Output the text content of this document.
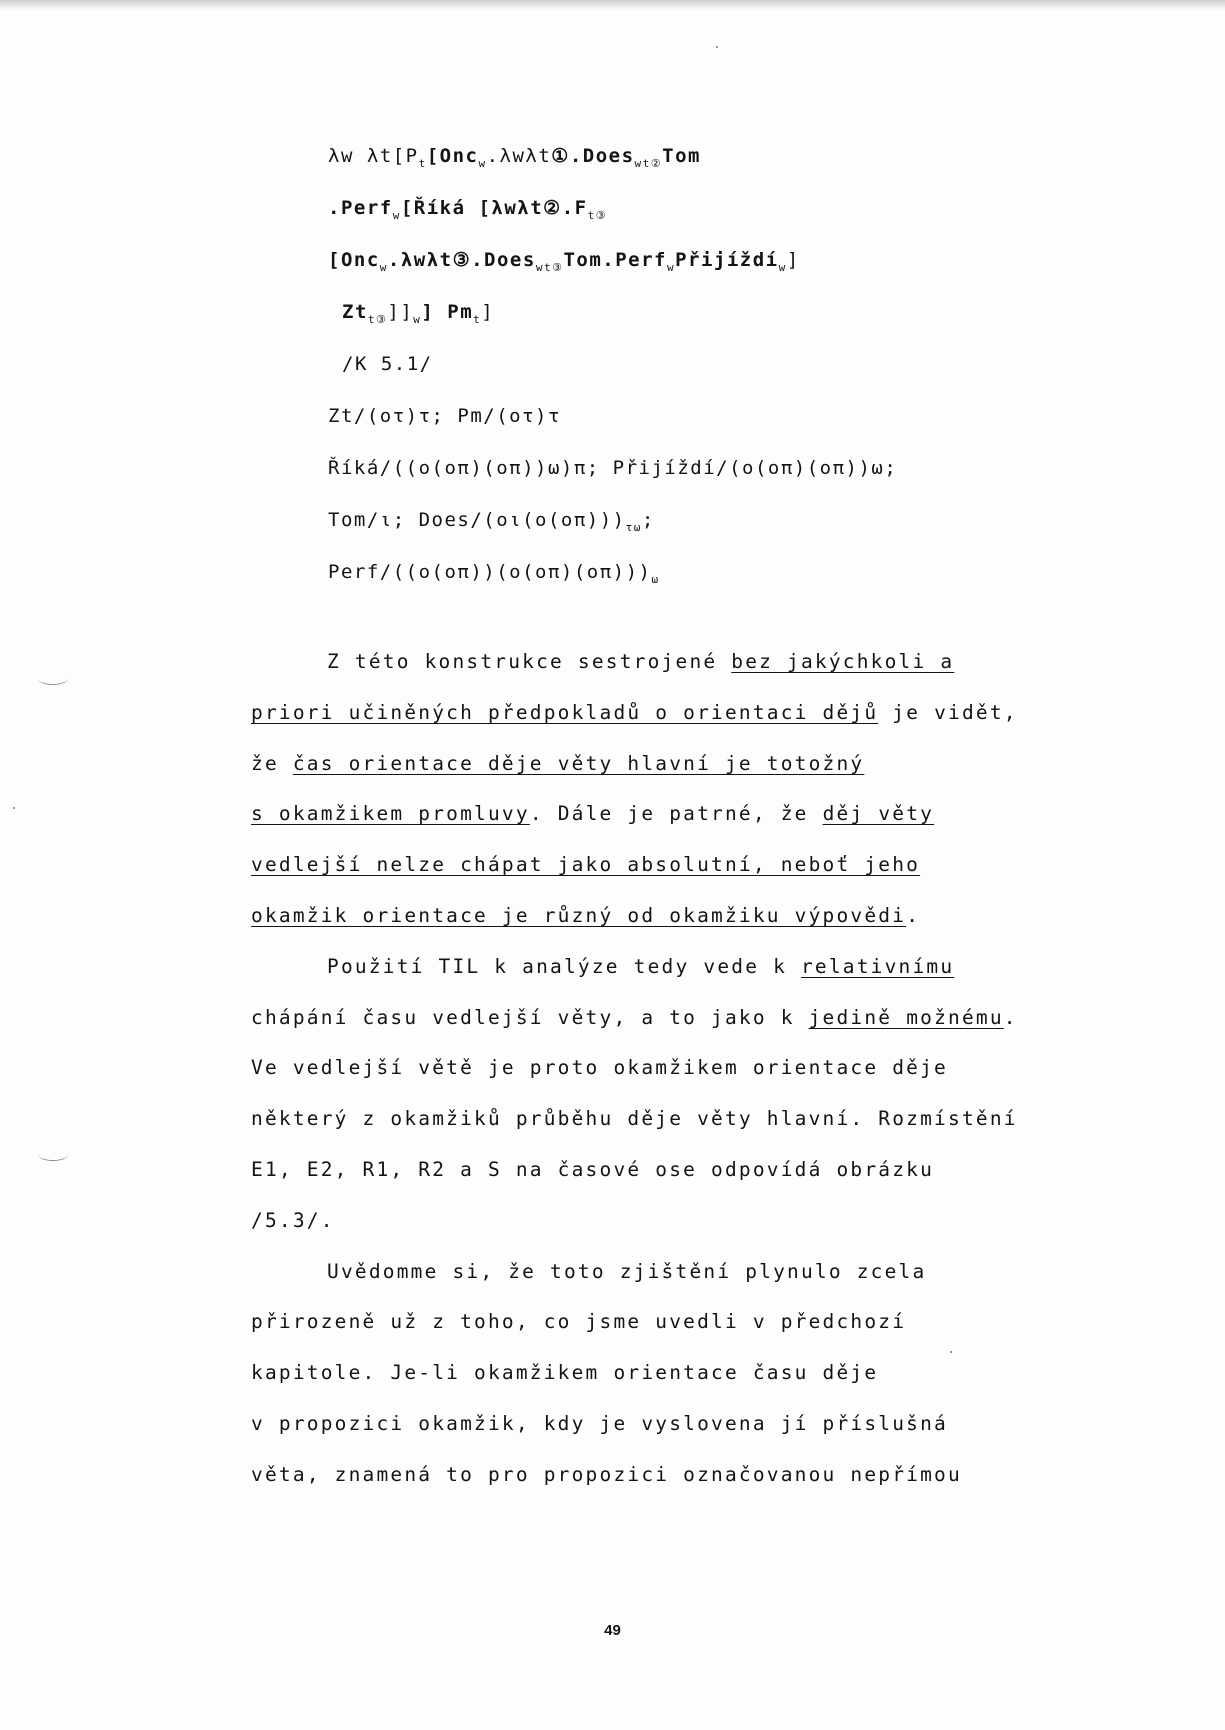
λw $\lambda t[P_t[Onc_w.\lambda w\lambda t①.Does_{wt②}Tom$
.Perf$_w$[Říká [$\lambda w\lambda t②.F_{t③}$
[Onc$_w$.λwλt③.Does$_{wt③}$Tom.Perf$_w$Přijíždí$_w$]
$Zt_{t③}]]_w$] $Pm_t$]
/K 5.1/
Zt/(οτ)τ; Pm/(οτ)τ
Říká/((ο(οπ)(οπ))ω)π; Přijíždí/(ο(οπ)(οπ))ω;
Tom/ι; Does/$(o\iota(o(o\pi)))_{\tau\omega}$;
Perf/$((o(o\pi))(o(o\pi)(o\pi)))_\omega$
Z této konstrukce sestrojené bez jakýchkoli a
priori učiněných předpokladů o orientaci dějů je vidět,
že čas orientace děje věty hlavní je totožný
s okamžikem promluvy. Dále je patrné, že děj věty
vedlejší nelze chápat jako absolutní, neboť jeho
okamžik orientace je různý od okamžiku výpovědi.
Použití TIL k analýze tedy vede k relativnímu
chápání času vedlejší věty, a to jako k jedině možnému.
Ve vedlejší větě je proto okamžikem orientace děje
některý z okamžiků průběhu děje věty hlavní. Rozmístění
E1, E2, R1, R2 a S na časové ose odpovídá obrázku
/5.3/.
Uvědomme si, že toto zjištění plynulo zcela
přirozeně už z toho, co jsme uvedli v předchozí
kapitole. Je-li okamžikem orientace času děje
v propozici okamžik, kdy je vyslovena jí příslušná
věta, znamená to pro propozici označovanou nepřímou
49
